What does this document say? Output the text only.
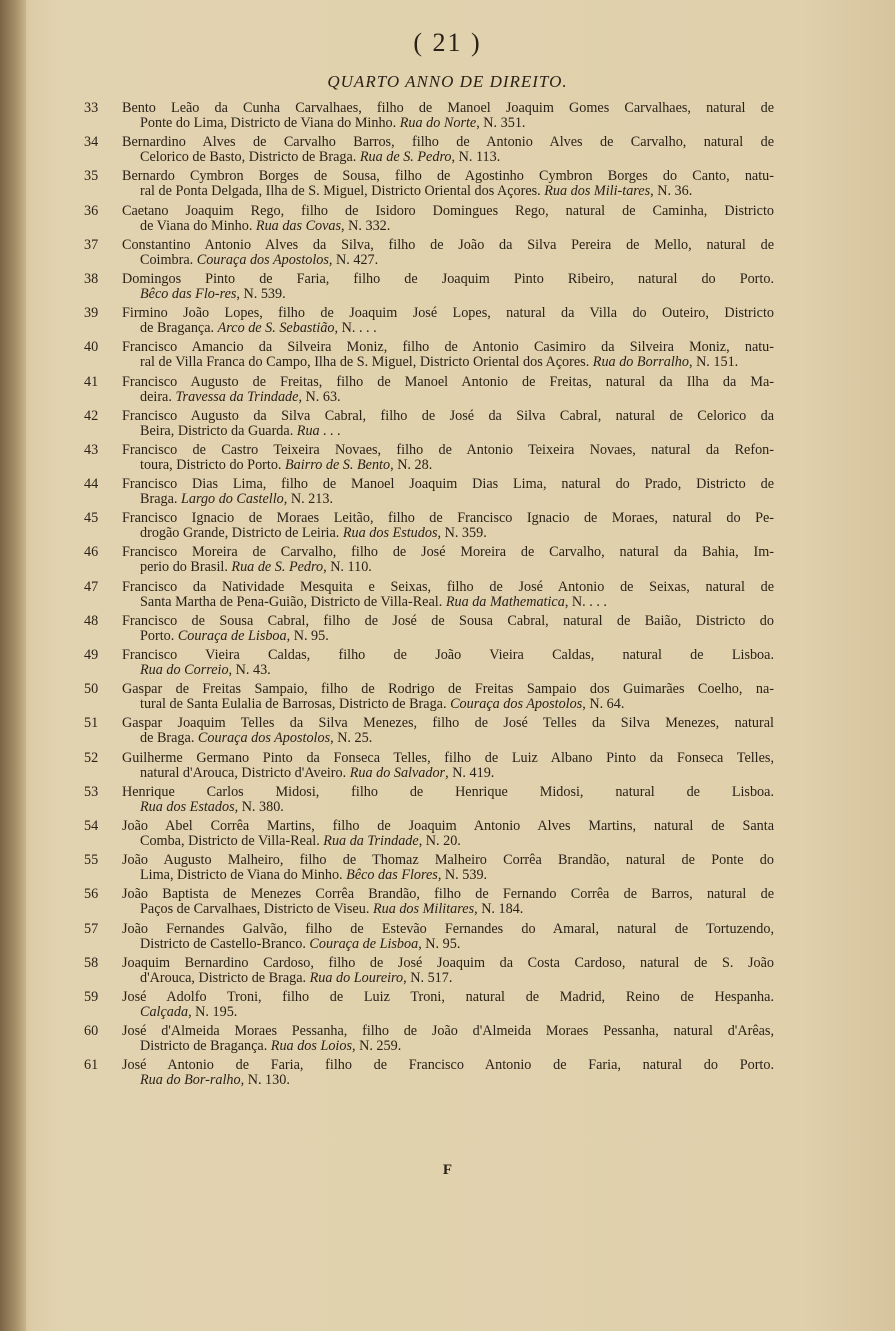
( 21 )
QUARTO ANNO DE DIREITO.
33	Bento Leão da Cunha Carvalhaes, filho de Manoel Joaquim Gomes Carvalhaes, natural de
Ponte do Lima, Districto de Viana do Minho. Rua do Norte, N. 351.
34	Bernardino Alves de Carvalho Barros, filho de Antonio Alves de Carvalho, natural de
Celorico de Basto, Districto de Braga. Rua de S. Pedro, N. 113.
35	Bernardo Cymbron Borges de Sousa, filho de Agostinho Cymbron Borges do Canto, natu-
ral de Ponta Delgada, Ilha de S. Miguel, Districto Oriental dos Açores. Rua dos Mili-tares, N. 36.
36	Caetano Joaquim Rego, filho de Isidoro Domingues Rego, natural de Caminha, Districto
de Viana do Minho. Rua das Covas, N. 332.
37	Constantino Antonio Alves da Silva, filho de João da Silva Pereira de Mello, natural de
Coimbra. Couraça dos Apostolos, N. 427.
38	Domingos Pinto de Faria, filho de Joaquim Pinto Ribeiro, natural do Porto.
Bêco das Flo-res, N. 539.
39	Firmino João Lopes, filho de Joaquim José Lopes, natural da Villa do Outeiro, Districto
de Bragança. Arco de S. Sebastião, N. . . .
40	Francisco Amancio da Silveira Moniz, filho de Antonio Casimiro da Silveira Moniz, natu-
ral de Villa Franca do Campo, Ilha de S. Miguel, Districto Oriental dos Açores. Rua do Borralho, N. 151.
41	Francisco Augusto de Freitas, filho de Manoel Antonio de Freitas, natural da Ilha da Ma-
deira. Travessa da Trindade, N. 63.
42	Francisco Augusto da Silva Cabral, filho de José da Silva Cabral, natural de Celorico da
Beira, Districto da Guarda. Rua . . .
43	Francisco de Castro Teixeira Novaes, filho de Antonio Teixeira Novaes, natural da Refon-
toura, Districto do Porto. Bairro de S. Bento, N. 28.
44	Francisco Dias Lima, filho de Manoel Joaquim Dias Lima, natural do Prado, Districto de
Braga. Largo do Castello, N. 213.
45	Francisco Ignacio de Moraes Leitão, filho de Francisco Ignacio de Moraes, natural do Pe-
drogão Grande, Districto de Leiria. Rua dos Estudos, N. 359.
46	Francisco Moreira de Carvalho, filho de José Moreira de Carvalho, natural da Bahia, Im-
perio do Brasil. Rua de S. Pedro, N. 110.
47	Francisco da Natividade Mesquita e Seixas, filho de José Antonio de Seixas, natural de
Santa Martha de Pena-Guião, Districto de Villa-Real. Rua da Mathematica, N. . . .
48	Francisco de Sousa Cabral, filho de José de Sousa Cabral, natural de Baião, Districto do
Porto. Couraça de Lisboa, N. 95.
49	Francisco Vieira Caldas, filho de João Vieira Caldas, natural de Lisboa.
Rua do Correio, N. 43.
50	Gaspar de Freitas Sampaio, filho de Rodrigo de Freitas Sampaio dos Guimarães Coelho, na-
tural de Santa Eulalia de Barrosas, Districto de Braga. Couraça dos Apostolos, N. 64.
51	Gaspar Joaquim Telles da Silva Menezes, filho de José Telles da Silva Menezes, natural
de Braga. Couraça dos Apostolos, N. 25.
52	Guilherme Germano Pinto da Fonseca Telles, filho de Luiz Albano Pinto da Fonseca Telles,
natural d'Arouca, Districto d'Aveiro. Rua do Salvador, N. 419.
53	Henrique Carlos Midosi, filho de Henrique Midosi, natural de Lisboa.
Rua dos Estados, N. 380.
54	João Abel Corrêa Martins, filho de Joaquim Antonio Alves Martins, natural de Santa
Comba, Districto de Villa-Real. Rua da Trindade, N. 20.
55	João Augusto Malheiro, filho de Thomaz Malheiro Corrêa Brandão, natural de Ponte do
Lima, Districto de Viana do Minho. Bêco das Flores, N. 539.
56	João Baptista de Menezes Corrêa Brandão, filho de Fernando Corrêa de Barros, natural de
Paços de Carvalhaes, Districto de Viseu. Rua dos Militares, N. 184.
57	João Fernandes Galvão, filho de Estevão Fernandes do Amaral, natural de Tortuzendo,
Districto de Castello-Branco. Couraça de Lisboa, N. 95.
58	Joaquim Bernardino Cardoso, filho de José Joaquim da Costa Cardoso, natural de S. João
d'Arouca, Districto de Braga. Rua do Loureiro, N. 517.
59	José Adolfo Troni, filho de Luiz Troni, natural de Madrid, Reino de Hespanha.
Calçada, N. 195.
60	José d'Almeida Moraes Pessanha, filho de João d'Almeida Moraes Pessanha, natural d'Arêas,
Districto de Bragança. Rua dos Loios, N. 259.
61	José Antonio de Faria, filho de Francisco Antonio de Faria, natural do Porto.
Rua do Bor-ralho, N. 130.
F
